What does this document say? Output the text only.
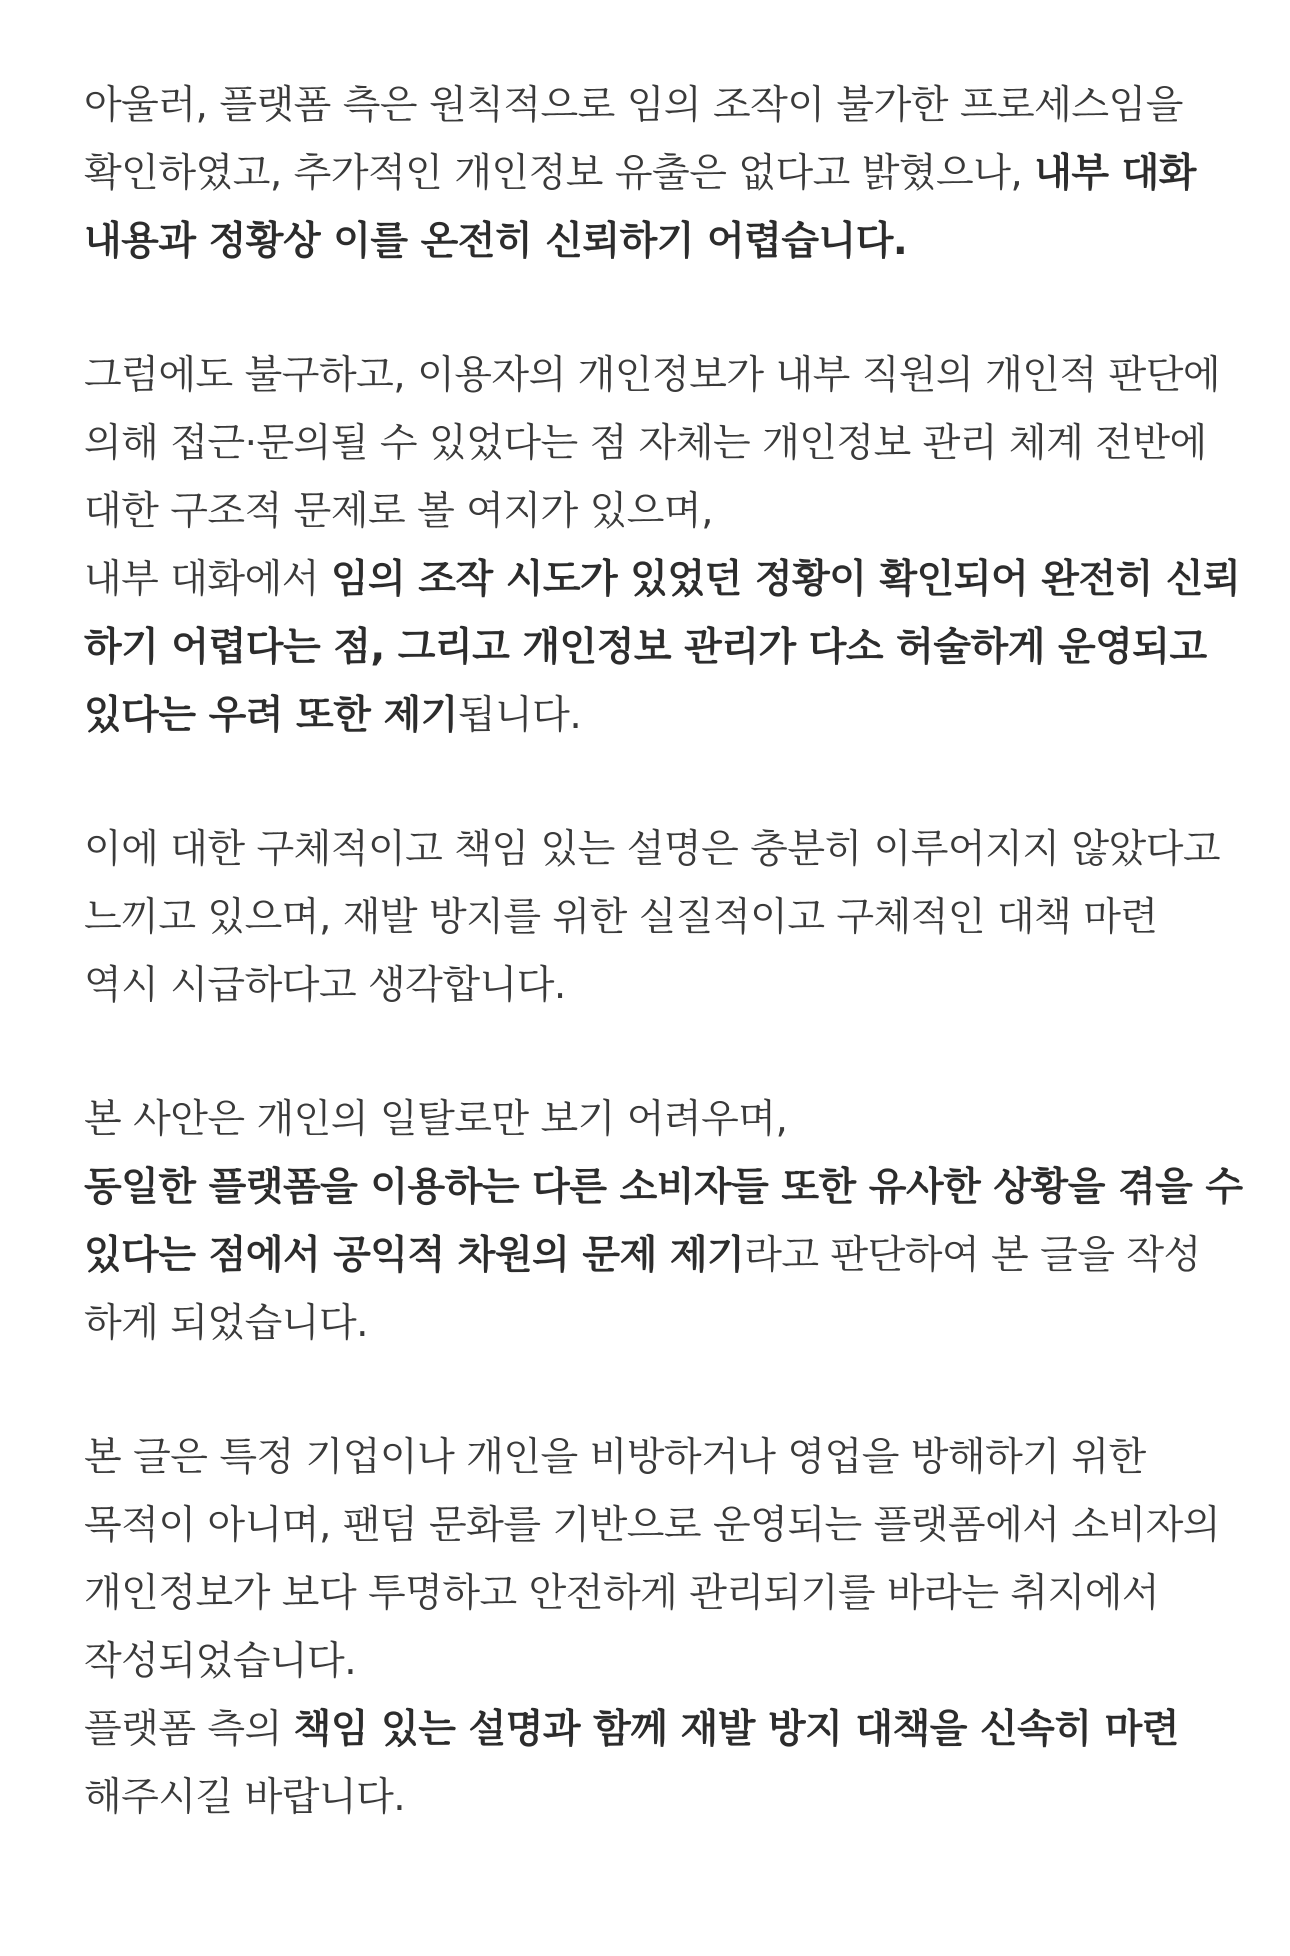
아울러, 플랫폼 측은 원칙적으로 임의 조작이 불가한 프로세스임을
확인하였고, 추가적인 개인정보 유출은 없다고 밝혔으나, 내부 대화
내용과 정황상 이를 온전히 신뢰하기 어렵습니다.

그럼에도 불구하고, 이용자의 개인정보가 내부 직원의 개인적 판단에
의해 접근·문의될 수 있었다는 점 자체는 개인정보 관리 체계 전반에
대한 구조적 문제로 볼 여지가 있으며,
내부 대화에서 임의 조작 시도가 있었던 정황이 확인되어 완전히 신뢰
하기 어렵다는 점, 그리고 개인정보 관리가 다소 허술하게 운영되고
있다는 우려 또한 제기됩니다.

이에 대한 구체적이고 책임 있는 설명은 충분히 이루어지지 않았다고
느끼고 있으며, 재발 방지를 위한 실질적이고 구체적인 대책 마련
역시 시급하다고 생각합니다.

본 사안은 개인의 일탈로만 보기 어려우며,
동일한 플랫폼을 이용하는 다른 소비자들 또한 유사한 상황을 겪을 수
있다는 점에서 공익적 차원의 문제 제기라고 판단하여 본 글을 작성
하게 되었습니다.

본 글은 특정 기업이나 개인을 비방하거나 영업을 방해하기 위한
목적이 아니며, 팬덤 문화를 기반으로 운영되는 플랫폼에서 소비자의
개인정보가 보다 투명하고 안전하게 관리되기를 바라는 취지에서
작성되었습니다.
플랫폼 측의 책임 있는 설명과 함께 재발 방지 대책을 신속히 마련
해주시길 바랍니다.
